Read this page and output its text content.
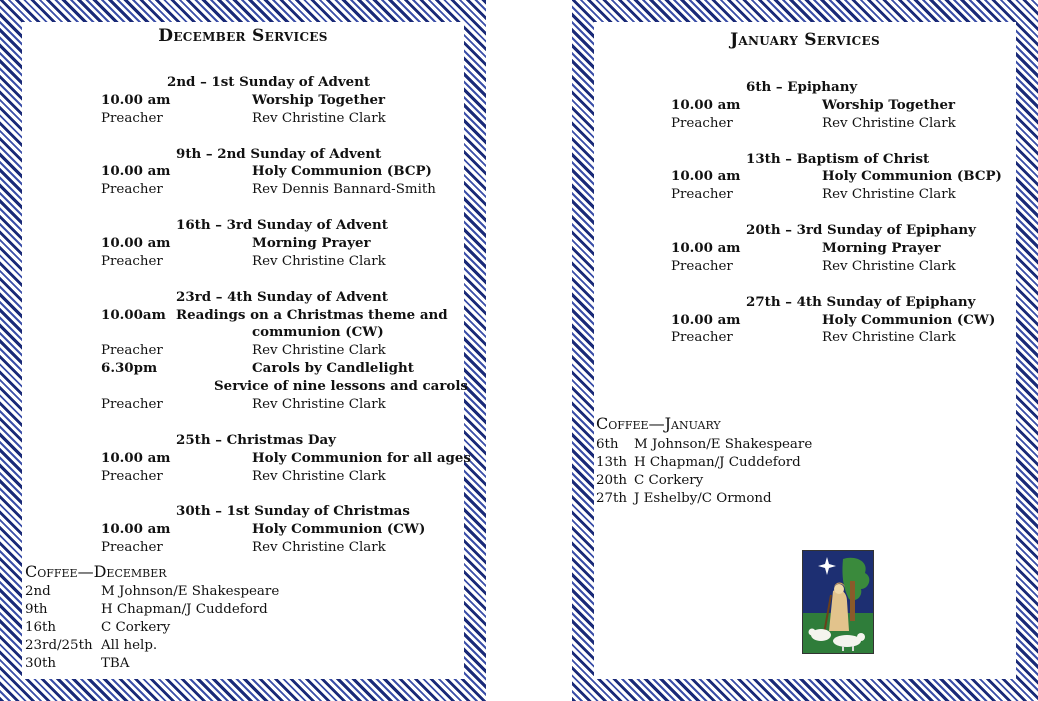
December Services
2nd – 1st Sunday of Advent
10.00 am	Worship Together
Preacher	Rev Christine Clark
9th – 2nd Sunday of Advent
10.00 am	Holy Communion (BCP)
Preacher	Rev Dennis Bannard-Smith
16th – 3rd Sunday of Advent
10.00 am	Morning Prayer
Preacher	Rev Christine Clark
23rd – 4th Sunday of Advent
10.00am Readings on a Christmas theme and
communion (CW)
Preacher	Rev Christine Clark
6.30pm	Carols by Candlelight
Service of nine lessons and carols
Preacher	Rev Christine Clark
25th – Christmas Day
10.00 am	Holy Communion for all ages
Preacher	Rev Christine Clark
30th – 1st Sunday of Christmas
10.00 am	Holy Communion (CW)
Preacher	Rev Christine Clark
Coffee—December
2nd	M Johnson/E Shakespeare
9th	H Chapman/J Cuddeford
16th	C Corkery
23rd/25th All help.
30th	TBA
January Services
6th – Epiphany
10.00 am	Worship Together
Preacher	Rev Christine Clark
13th – Baptism of Christ
10.00 am	Holy Communion (BCP)
Preacher	Rev Christine Clark
20th – 3rd Sunday of Epiphany
10.00 am	Morning Prayer
Preacher	Rev Christine Clark
27th – 4th Sunday of Epiphany
10.00 am	Holy Communion (CW)
Preacher	Rev Christine Clark
Coffee—January
6th M Johnson/E Shakespeare
13th H Chapman/J Cuddeford
20th C Corkery
27th J Eshelby/C Ormond
